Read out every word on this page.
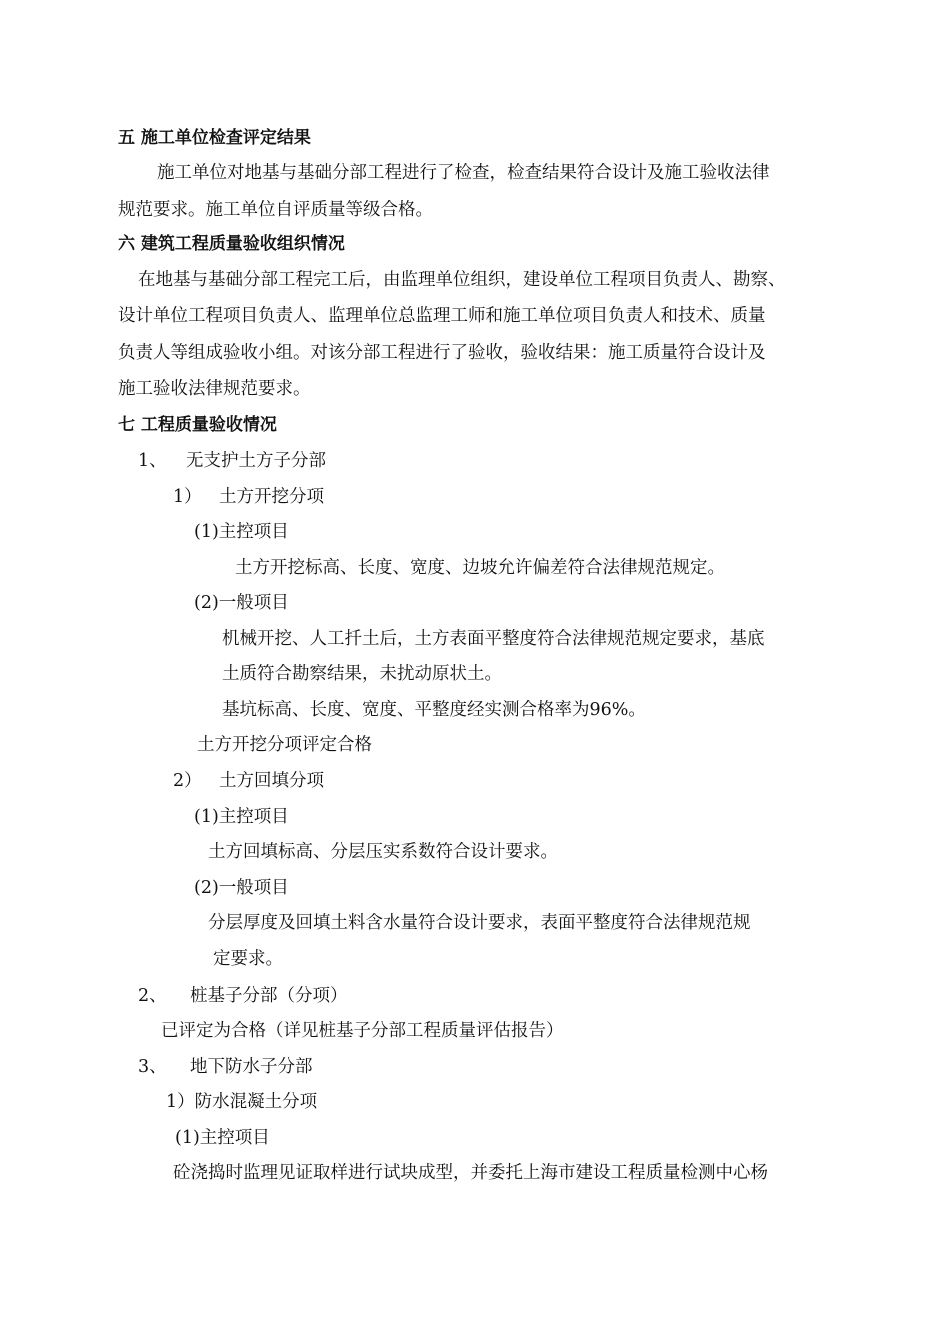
五 施工单位检查评定结果
施工单位对地基与基础分部工程进行了检查，检查结果符合设计及施工验收法律
规范要求。施工单位自评质量等级合格。
六 建筑工程质量验收组织情况
在地基与基础分部工程完工后，由监理单位组织，建设单位工程项目负责人、勘察、
设计单位工程项目负责人、监理单位总监理工师和施工单位项目负责人和技术、质量
负责人等组成验收小组。对该分部工程进行了验收，验收结果：施工质量符合设计及
施工验收法律规范要求。
七 工程质量验收情况
1、 无支护土方子分部
1） 土方开挖分项
(1)主控项目
土方开挖标高、长度、宽度、边坡允许偏差符合法律规范规定。
(2)一般项目
机械开挖、人工扦土后，土方表面平整度符合法律规范规定要求，基底
土质符合勘察结果，未扰动原状土。
基坑标高、长度、宽度、平整度经实测合格率为96%。
土方开挖分项评定合格
2） 土方回填分项
(1)主控项目
土方回填标高、分层压实系数符合设计要求。
(2)一般项目
分层厚度及回填土料含水量符合设计要求，表面平整度符合法律规范规
定要求。
2、 桩基子分部（分项）
已评定为合格（详见桩基子分部工程质量评估报告）
3、 地下防水子分部
1）防水混凝土分项
(1)主控项目
砼浇捣时监理见证取样进行试块成型，并委托上海市建设工程质量检测中心杨
